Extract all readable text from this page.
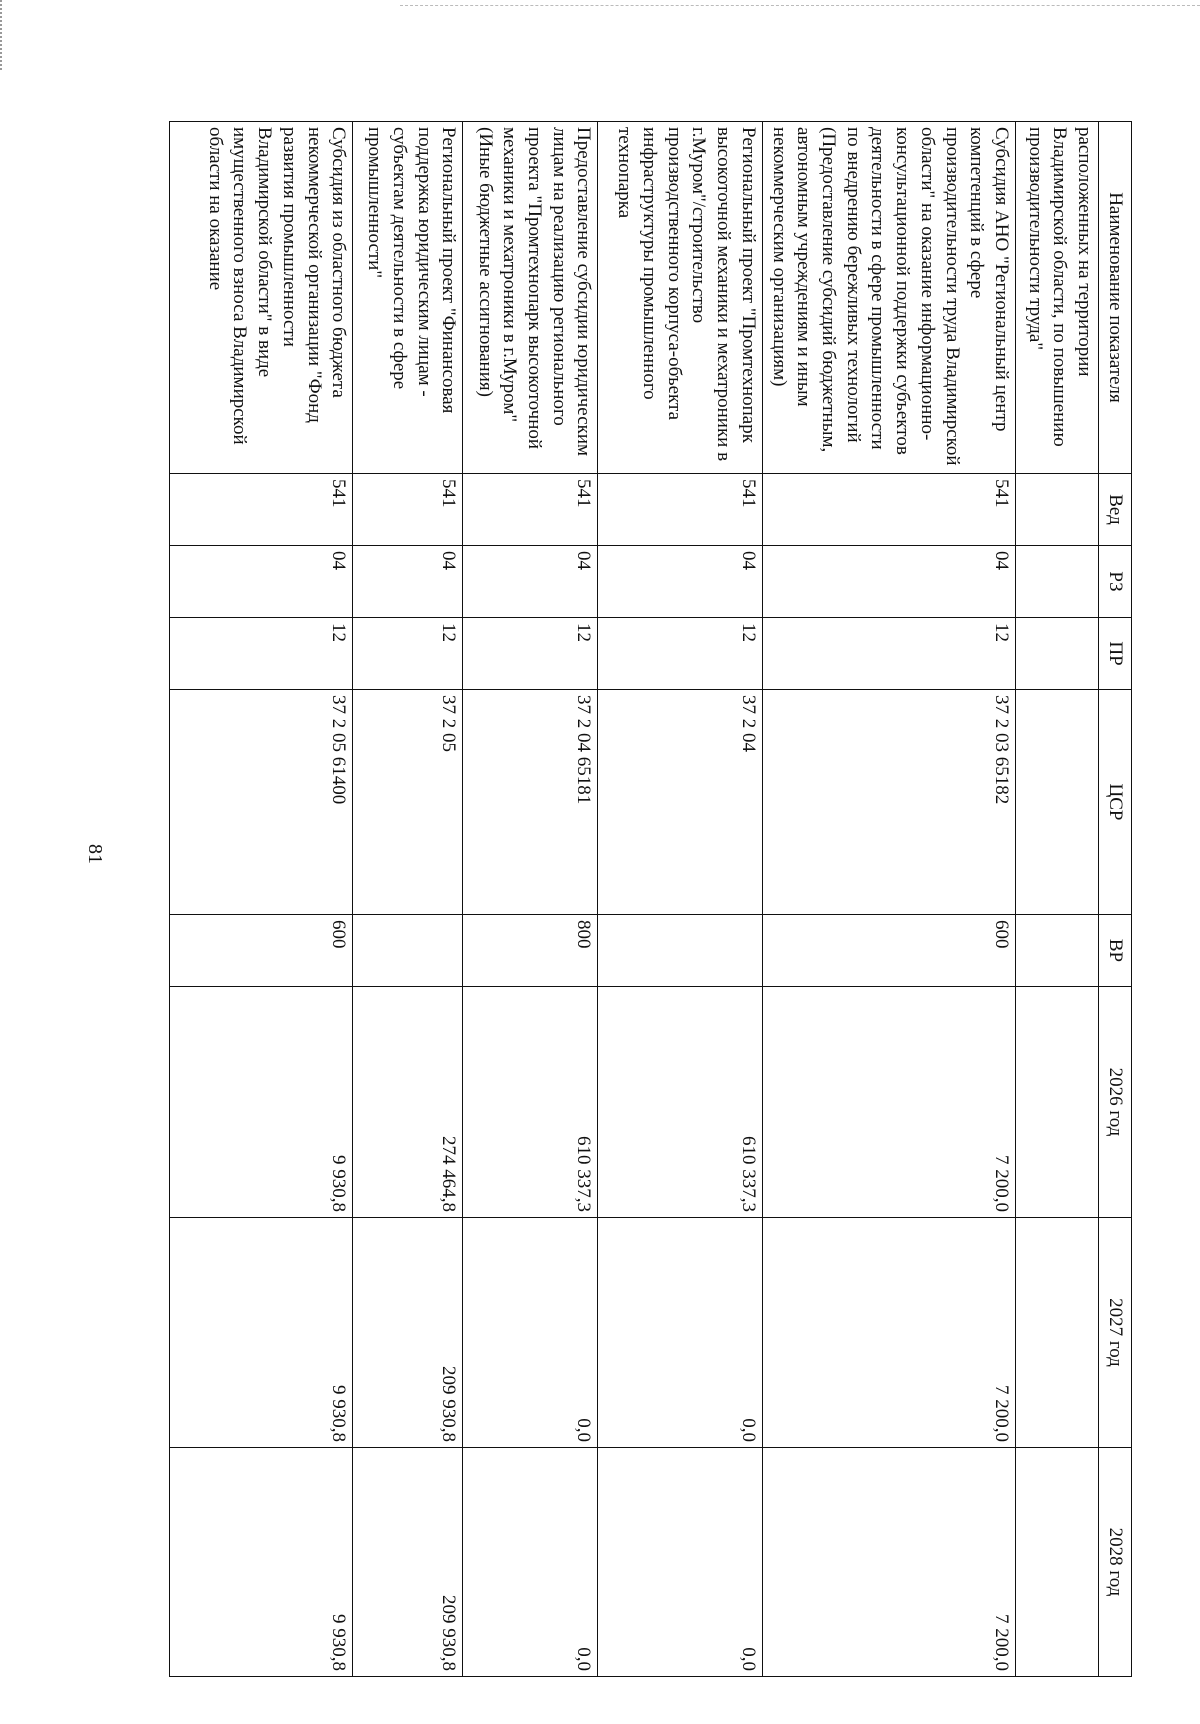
81
Наименование показателя	Вед	РЗ	ПР	ЦСР	ВР	2026 год	2027 год	2028 год
расположенных на территории Владимирской области, по повышению производительности труда"								
Субсидия АНО "Региональный центр компетенций в сфере производительности труда Владимирской области" на оказание информационно-консультационной поддержки субъектов деятельности в сфере промышленности по внедрению бережливых технологий (Предоставление субсидий бюджетным, автономным учреждениям и иным некоммерческим организациям)	541	04	12	37 2 03 65182	600	7 200,0	7 200,0	7 200,0
Региональный проект "Промтехнопарк высокоточной механики и мехатроники в г.Муром"/строительство производственного корпуса-объекта инфраструктуры промышленного технопарка	541	04	12	37 2 04		610 337,3	0,0	0,0
Предоставление субсидии юридическим лицам на реализацию регионального проекта "Промтехнопарк высокоточной механики и мехатроники в г.Муром" (Иные бюджетные ассигнования)	541	04	12	37 2 04 65181	800	610 337,3	0,0	0,0
Региональный проект "Финансовая поддержка юридическим лицам - субъектам деятельности в сфере промышленности"	541	04	12	37 2 05		274 464,8	209 930,8	209 930,8
Субсидия из областного бюджета некоммерческой организации "Фонд развития промышленности Владимирской области" в виде имущественного взноса Владимирской области на оказание	541	04	12	37 2 05 61400	600	9 930,8	9 930,8	9 930,8
